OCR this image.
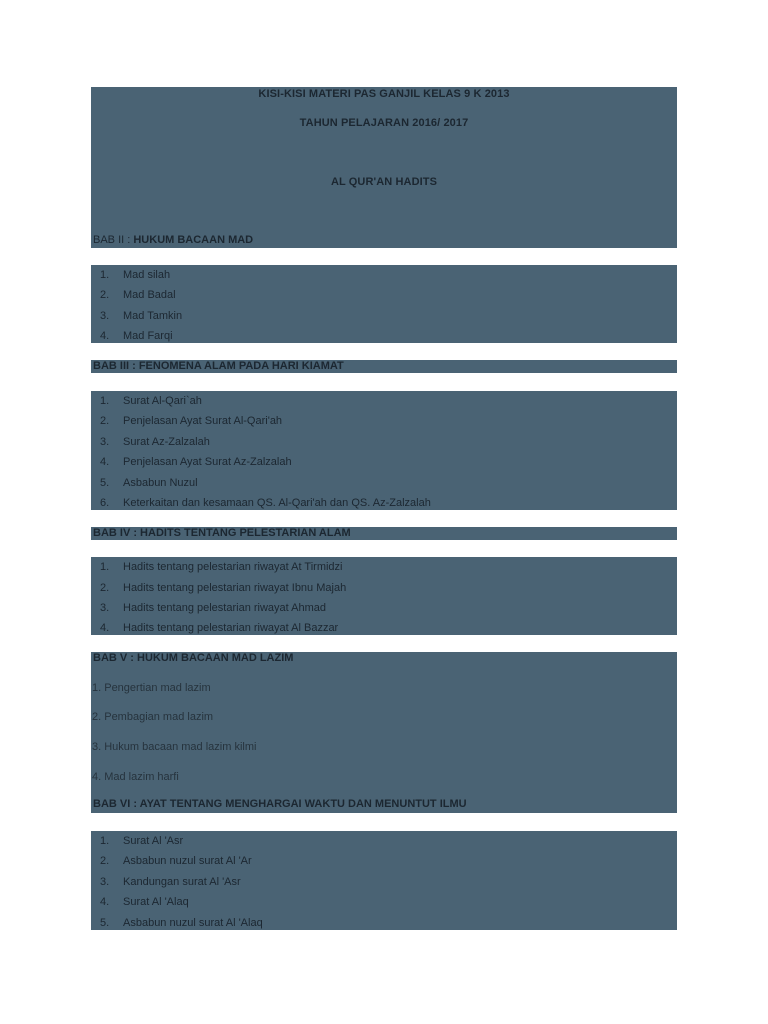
KISI-KISI MATERI PAS GANJIL KELAS 9 K 2013
TAHUN PELAJARAN 2016/ 2017
AL QUR'AN HADITS
BAB II : HUKUM BACAAN MAD
1. Mad silah
2. Mad Badal
3. Mad Tamkin
4. Mad Farqi
BAB III : FENOMENA ALAM PADA HARI KIAMAT
1. Surat Al-Qari`ah
2. Penjelasan Ayat Surat Al-Qari'ah
3. Surat Az-Zalzalah
4. Penjelasan Ayat Surat Az-Zalzalah
5. Asbabun Nuzul
6. Keterkaitan dan kesamaan QS. Al-Qari'ah dan QS. Az-Zalzalah
BAB IV : HADITS TENTANG PELESTARIAN ALAM
1. Hadits tentang pelestarian riwayat At Tirmidzi
2. Hadits tentang pelestarian riwayat Ibnu Majah
3. Hadits tentang pelestarian riwayat Ahmad
4. Hadits tentang pelestarian riwayat Al Bazzar
BAB V : HUKUM BACAAN MAD LAZIM
1. Pengertian mad lazim
2. Pembagian mad lazim
3. Hukum bacaan mad lazim kilmi
4. Mad lazim harfi
BAB VI : AYAT TENTANG MENGHARGAI WAKTU DAN MENUNTUT ILMU
1. Surat Al 'Asr
2. Asbabun nuzul surat Al 'Ar
3. Kandungan surat Al 'Asr
4. Surat Al 'Alaq
5. Asbabun nuzul surat Al 'Alaq
